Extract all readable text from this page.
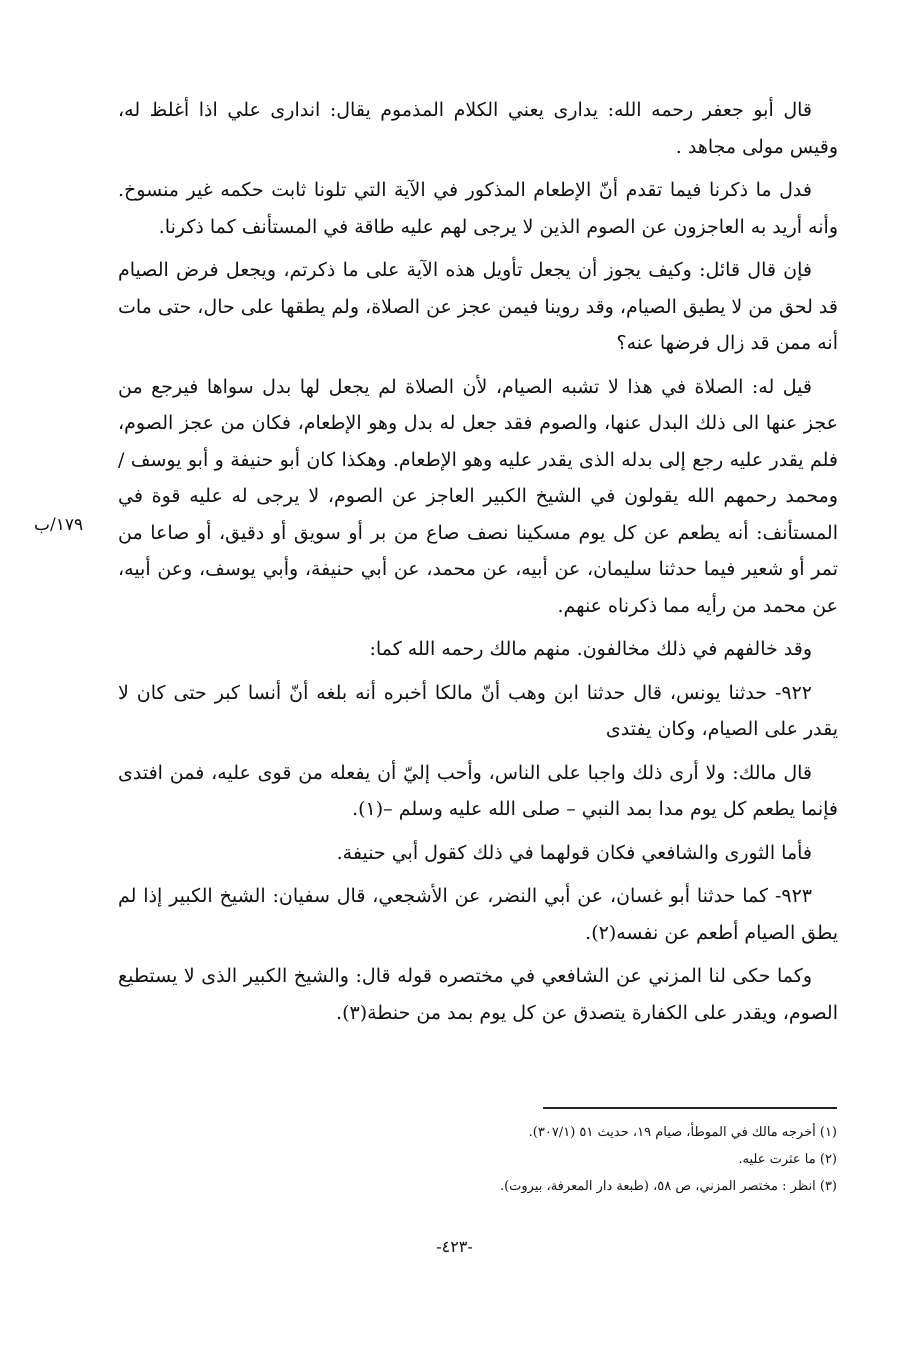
قال أبو جعفر رحمه الله: يدارى يعني الكلام المذموم يقال: اندارى علي اذا أغلظ له، وقيس مولى مجاهد .

فدل ما ذكرنا فيما تقدم أنّ الإطعام المذكور في الآية التي تلونا ثابت حكمه غير منسوخ. وأنه أريد به العاجزون عن الصوم الذين لا يرجى لهم عليه طاقة في المستأنف كما ذكرنا.

فإن قال قائل: وكيف يجوز أن يجعل تأويل هذه الآية على ما ذكرتم، ويجعل فرض الصيام قد لحق من لا يطيق الصيام، وقد روينا فيمن عجز عن الصلاة، ولم يطقها على حال، حتى مات أنه ممن قد زال فرضها عنه؟

قيل له: الصلاة في هذا لا تشبه الصيام، لأن الصلاة لم يجعل لها بدل سواها فيرجع من عجز عنها الى ذلك البدل عنها، والصوم فقد جعل له بدل وهو الإطعام، فكان من عجز الصوم، فلم يقدر عليه رجع إلى بدله الذى يقدر عليه وهو الإطعام. وهكذا كان أبو حنيفة و أبو يوسف / ومحمد رحمهم الله يقولون في الشيخ الكبير العاجز عن الصوم، لا يرجى له عليه قوة في المستأنف: أنه يطعم عن كل يوم مسكينا نصف صاع من بر أو سويق أو دقيق، أو صاعا من تمر أو شعير فيما حدثنا سليمان، عن أبيه، عن محمد، عن أبي حنيفة، وأبي يوسف، وعن أبيه، عن محمد من رأيه مما ذكرناه عنهم.

وقد خالفهم في ذلك مخالفون. منهم مالك رحمه الله كما:

٩٢٢- حدثنا يونس، قال حدثنا ابن وهب أنّ مالكا أخبره أنه بلغه أنّ أنسا كبر حتى كان لا يقدر على الصيام، وكان يفتدى

قال مالك: ولا أرى ذلك واجبا على الناس، وأحب إليّ أن يفعله من قوى عليه، فمن افتدى فإنما يطعم كل يوم مدا بمد النبي – صلى الله عليه وسلم –(١).

فأما الثورى والشافعي فكان قولهما في ذلك كقول أبي حنيفة.

٩٢٣- كما حدثنا أبو غسان، عن أبي النضر، عن الأشجعي، قال سفيان: الشيخ الكبير إذا لم يطق الصيام أطعم عن نفسه(٢).

وكما حكى لنا المزني عن الشافعي في مختصره قوله قال: والشيخ الكبير الذى لا يستطيع الصوم، ويقدر على الكفارة يتصدق عن كل يوم بمد من حنطة(٣).

١٧٩/ب
(١) أخرجه مالك في الموطأ، صيام ١٩، حديث ٥١ (٣٠٧/١).
(٢) ما عثرت عليه.
(٣) انظر : مختصر المزني، ص ٥٨، (طبعة دار المعرفة، بيروت).
-٤٢٣-
